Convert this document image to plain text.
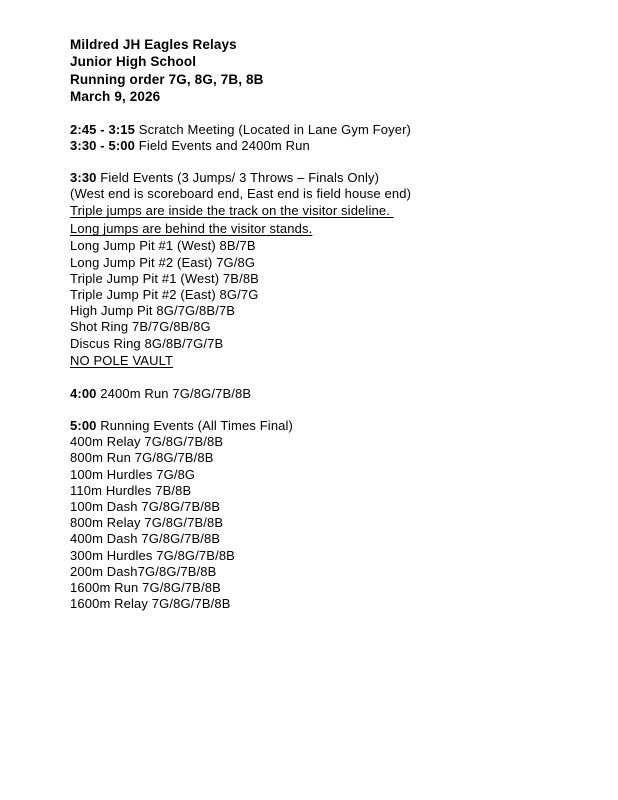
Mildred JH Eagles Relays
Junior High School
Running order 7G, 8G, 7B, 8B
March 9, 2026
2:45 - 3:15 Scratch Meeting (Located in Lane Gym Foyer)
3:30 - 5:00 Field Events and 2400m Run
3:30 Field Events (3 Jumps/ 3 Throws – Finals Only)
(West end is scoreboard end, East end is field house end)
Triple jumps are inside the track on the visitor sideline.
Long jumps are behind the visitor stands.
Long Jump Pit #1 (West) 8B/7B
Long Jump Pit #2 (East) 7G/8G
Triple Jump Pit #1 (West) 7B/8B
Triple Jump Pit #2 (East) 8G/7G
High Jump Pit 8G/7G/8B/7B
Shot Ring 7B/7G/8B/8G
Discus Ring 8G/8B/7G/7B
NO POLE VAULT
4:00 2400m Run 7G/8G/7B/8B
5:00 Running Events (All Times Final)
400m Relay 7G/8G/7B/8B
800m Run 7G/8G/7B/8B
100m Hurdles 7G/8G
110m Hurdles 7B/8B
100m Dash 7G/8G/7B/8B
800m Relay 7G/8G/7B/8B
400m Dash 7G/8G/7B/8B
300m Hurdles 7G/8G/7B/8B
200m Dash7G/8G/7B/8B
1600m Run 7G/8G/7B/8B
1600m Relay 7G/8G/7B/8B
